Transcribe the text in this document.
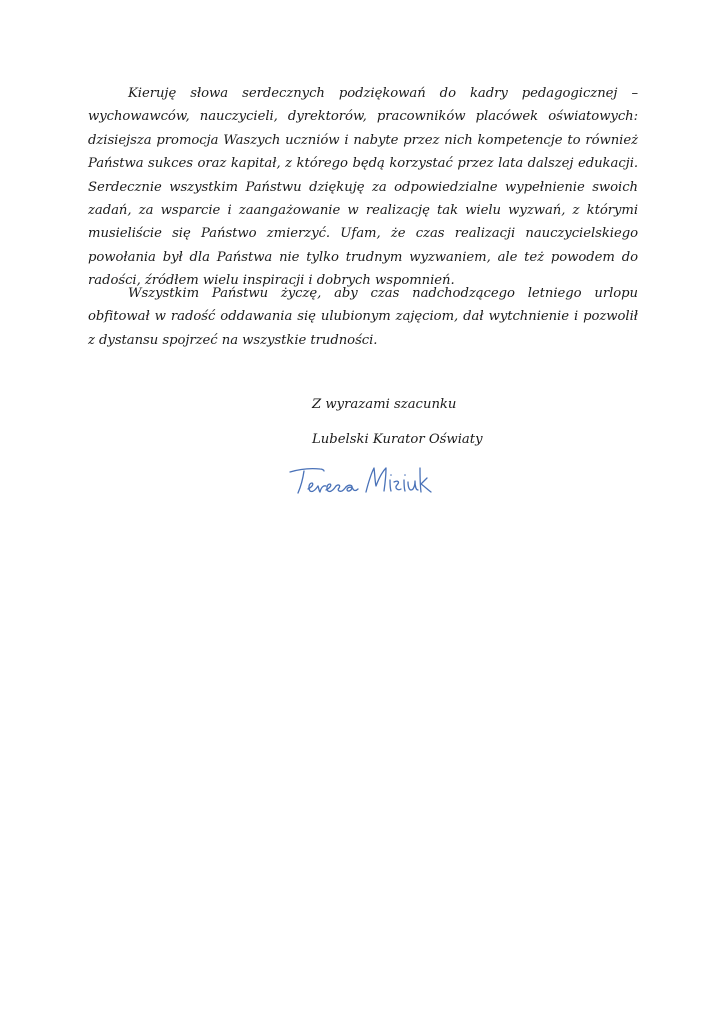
Kieruję słowa serdecznych podziękowań do kadry pedagogicznej – wychowawców, nauczycieli, dyrektorów, pracowników placówek oświatowych: dzisiejsza promocja Waszych uczniów i nabyte przez nich kompetencje to również Państwa sukces oraz kapitał, z którego będą korzystać przez lata dalszej edukacji. Serdecznie wszystkim Państwu dziękuję za odpowiedzialne wypełnienie swoich zadań, za wsparcie i zaangażowanie w realizację tak wielu wyzwań, z którymi musieliście się Państwo zmierzyć. Ufam, że czas realizacji nauczycielskiego powołania był dla Państwa nie tylko trudnym wyzwaniem, ale też powodem do radości, źródłem wielu inspiracji i dobrych wspomnień.

Wszystkim Państwu życzę, aby czas nadchodzącego letniego urlopu obfitował w radość oddawania się ulubionym zajęciom, dał wytchnienie i pozwolił z dystansu spojrzeć na wszystkie trudności.

Z wyrazami szacunku

Lubelski Kurator Oświaty
